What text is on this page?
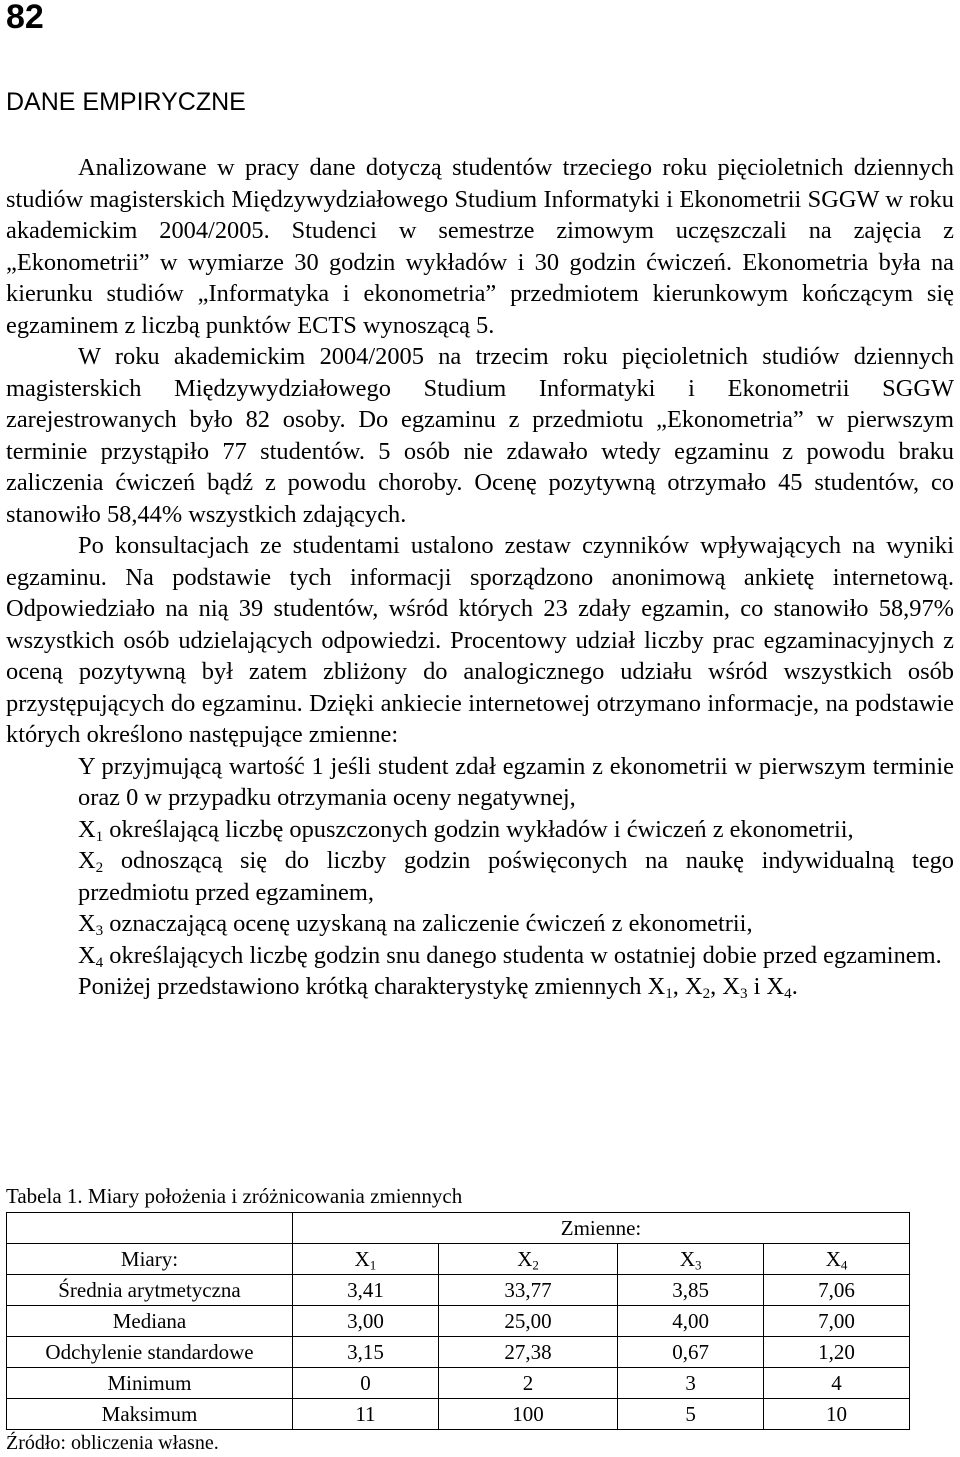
82
DANE EMPIRYCZNE

Analizowane w pracy dane dotyczą studentów trzeciego roku pięcioletnich dziennych studiów magisterskich Międzywydziałowego Studium Informatyki i Ekonometrii SGGW w roku akademickim 2004/2005. Studenci w semestrze zimowym uczęszczali na zajęcia z „Ekonometrii” w wymiarze 30 godzin wykładów i 30 godzin ćwiczeń. Ekonometria była na kierunku studiów „Informatyka i ekonometria” przedmiotem kierunkowym kończącym się egzaminem z liczbą punktów ECTS wynoszącą 5.

W roku akademickim 2004/2005 na trzecim roku pięcioletnich studiów dziennych magisterskich Międzywydziałowego Studium Informatyki i Ekonometrii SGGW zarejestrowanych było 82 osoby. Do egzaminu z przedmiotu „Ekonometria” w pierwszym terminie przystąpiło 77 studentów. 5 osób nie zdawało wtedy egzaminu z powodu braku zaliczenia ćwiczeń bądź z powodu choroby. Ocenę pozytywną otrzymało 45 studentów, co stanowiło 58,44% wszystkich zdających.

Po konsultacjach ze studentami ustalono zestaw czynników wpływających na wyniki egzaminu. Na podstawie tych informacji sporządzono anonimową ankietę internetową. Odpowiedziało na nią 39 studentów, wśród których 23 zdały egzamin, co stanowiło 58,97% wszystkich osób udzielających odpowiedzi. Procentowy udział liczby prac egzaminacyjnych z oceną pozytywną był zatem zbliżony do analogicznego udziału wśród wszystkich osób przystępujących do egzaminu. Dzięki ankiecie internetowej otrzymano informacje, na podstawie których określono następujące zmienne:

Y przyjmującą wartość 1 jeśli student zdał egzamin z ekonometrii w pierwszym terminie oraz 0 w przypadku otrzymania oceny negatywnej,
$X_1$ określającą liczbę opuszczonych godzin wykładów i ćwiczeń z ekonometrii,
$X_2$ odnoszącą się do liczby godzin poświęconych na naukę indywidualną tego przedmiotu przed egzaminem,
$X_3$ oznaczającą ocenę uzyskaną na zaliczenie ćwiczeń z ekonometrii,
$X_4$ określających liczbę godzin snu danego studenta w ostatniej dobie przed egzaminem.

Poniżej przedstawiono krótką charakterystykę zmiennych $X_1$, $X_2$, $X_3$ i $X_4$.

Tabela 1. Miary położenia i zróżnicowania zmiennych
	Zmienne:			
Miary:	$X_1$	$X_2$	$X_3$	$X_4$
Średnia arytmetyczna	3,41	33,77	3,85	7,06
Mediana	3,00	25,00	4,00	7,00
Odchylenie standardowe	3,15	27,38	0,67	1,20
Minimum	0	2	3	4
Maksimum	11	100	5	10
Źródło: obliczenia własne.
